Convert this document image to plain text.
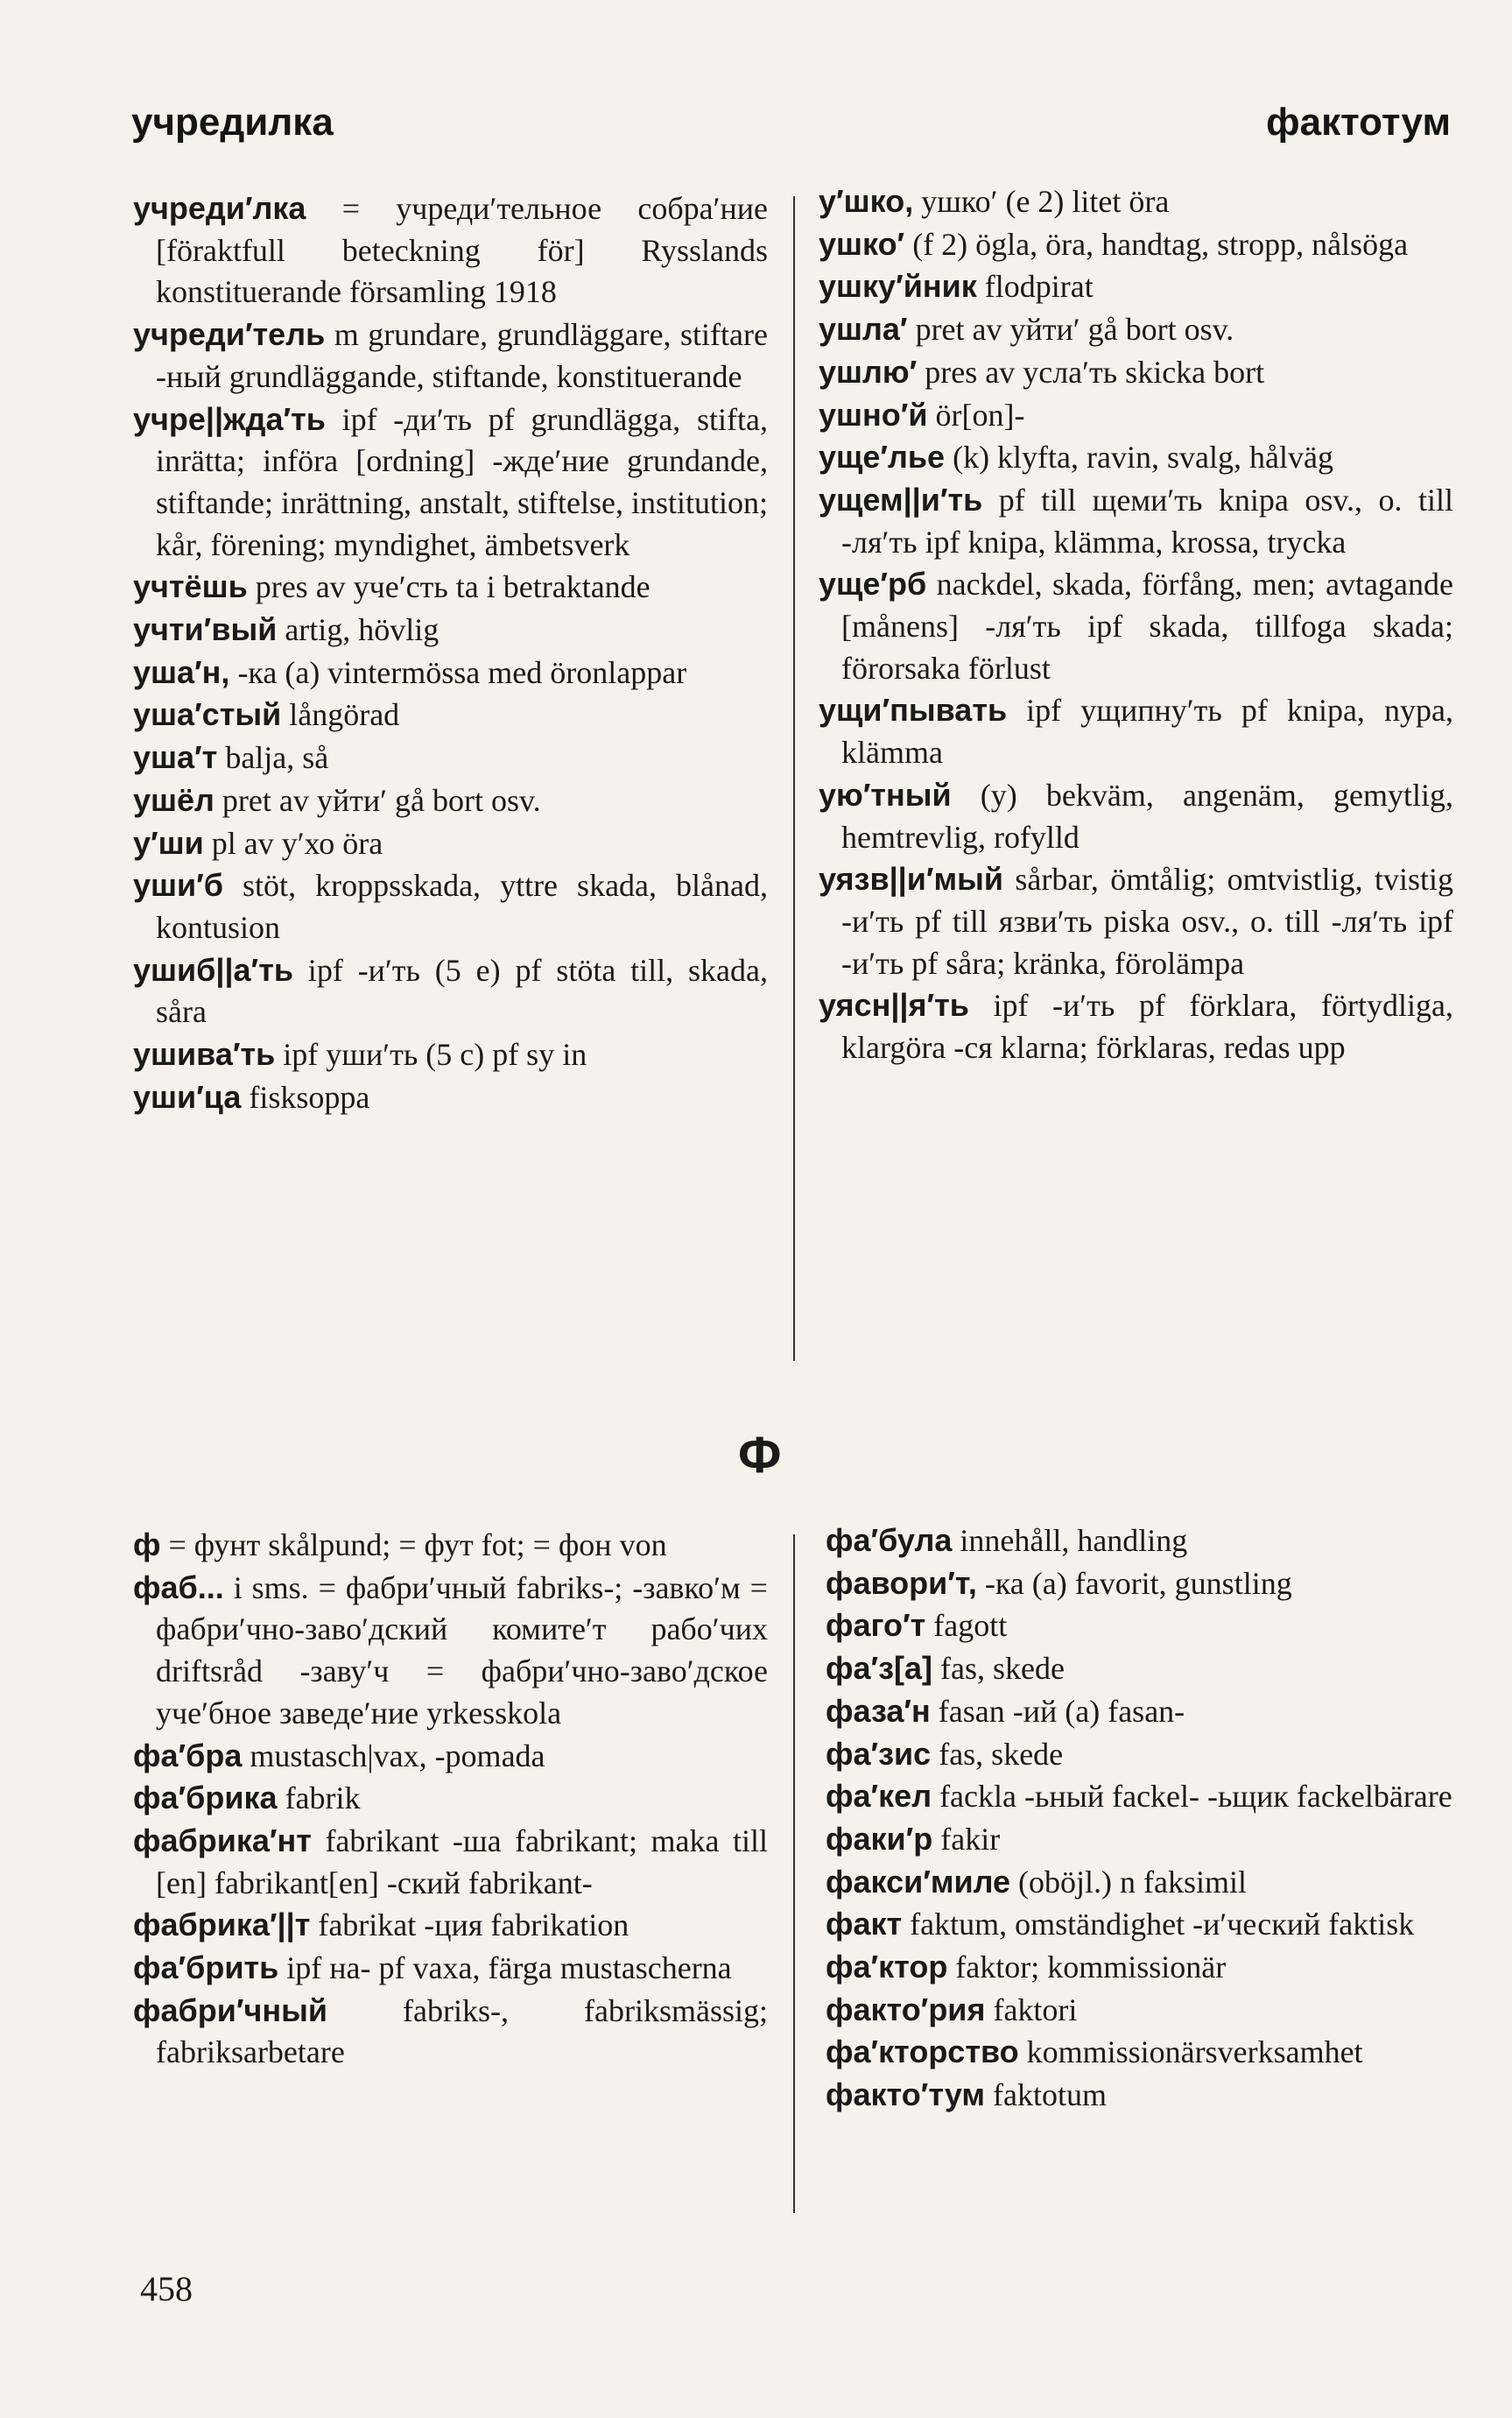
учредилка	фактотум

учреди′лка = учреди′тельное собра′ние [föraktfull beteckning för] Rysslands konstituerande församling 1918

учреди′тель m grundare, grundläggare, stiftare -ный grundläggande, stiftande, konstituerande

учре||жда′ть ipf -ди′ть pf grundlägga, stifta, inrätta; införa [ordning] -жде′ние grundande, stiftande; inrättning, anstalt, stiftelse, institution; kår, förening; myndighet, ämbetsverk

учтёшь pres av уче′сть ta i betraktande

учти′вый artig, hövlig

уша′н, -ка (a) vintermössa med öronlappar

уша′стый långörad

уша′т balja, så

ушёл pret av уйти′ gå bort osv.

у′ши pl av у′хо öra

уши′б stöt, kroppsskada, yttre skada, blånad, kontusion

ушиб||а′ть ipf -и′ть (5 e) pf stöta till, skada, såra

ушива′ть ipf уши′ть (5 c) pf sy in

уши′ца fisksoppa

у′шко, ушко′ (e 2) litet öra

ушко′ (f 2) ögla, öra, handtag, stropp, nålsöga

ушку′йник flodpirat

ушла′ pret av уйти′ gå bort osv.

ушлю′ pres av усла′ть skicka bort

ушно′й ör[on]-

уще′лье (k) klyfta, ravin, svalg, hålväg

ущем||и′ть pf till щеми′ть knipa osv., o. till -ля′ть ipf knipa, klämma, krossa, trycka

уще′рб nackdel, skada, förfång, men; avtagande [månens] -ля′ть ipf skada, tillfoga skada; förorsaka förlust

ущи′пывать ipf ущипну′ть pf knipa, nypa, klämma

ую′тный (y) bekväm, angenäm, gemytlig, hemtrevlig, rofylld

уязв||и′мый sårbar, ömtålig; omtvistlig, tvistig -и′ть pf till язви′ть piska osv., o. till -ля′ть ipf -и′ть pf såra; kränka, förolämpa

уясн||я′ть ipf -и′ть pf förklara, förtydliga, klargöra -ся klarna; förklaras, redas upp

Ф

ф = фунт skålpund; = фут fot; = фон von

фаб... i sms. = фабри′чный fabriks-; -завко′м = фабри′чно-заво′дский комите′т рабо′чих driftsråd -заву′ч = фабри′чно-заво′дское уче′бное заведе′ние yrkesskola

фа′бра mustasch|vax, -pomada

фа′брика fabrik

фабрика′нт fabrikant -ша fabrikant; maka till [en] fabrikant[en] -ский fabrikant-

фабрика′||т fabrikat -ция fabrikation

фа′брить ipf на- pf vaxa, färga mustascherna

фабри′чный fabriks-, fabriksmässig; fabriksarbetare

фа′була innehåll, handling

фавори′т, -ка (a) favorit, gunstling

фаго′т fagott

фа′з[а] fas, skede

фаза′н fasan -ий (a) fasan-

фа′зис fas, skede

фа′кел fackla -ьный fackel- -ьщик fackelbärare

факи′р fakir

факси′миле (oböjl.) n faksimil

факт faktum, omständighet -и′ческий faktisk

фа′ктор faktor; kommissionär

факто′рия faktori

фа′кторство kommissionärsverksamhet

факто′тум faktotum

458
